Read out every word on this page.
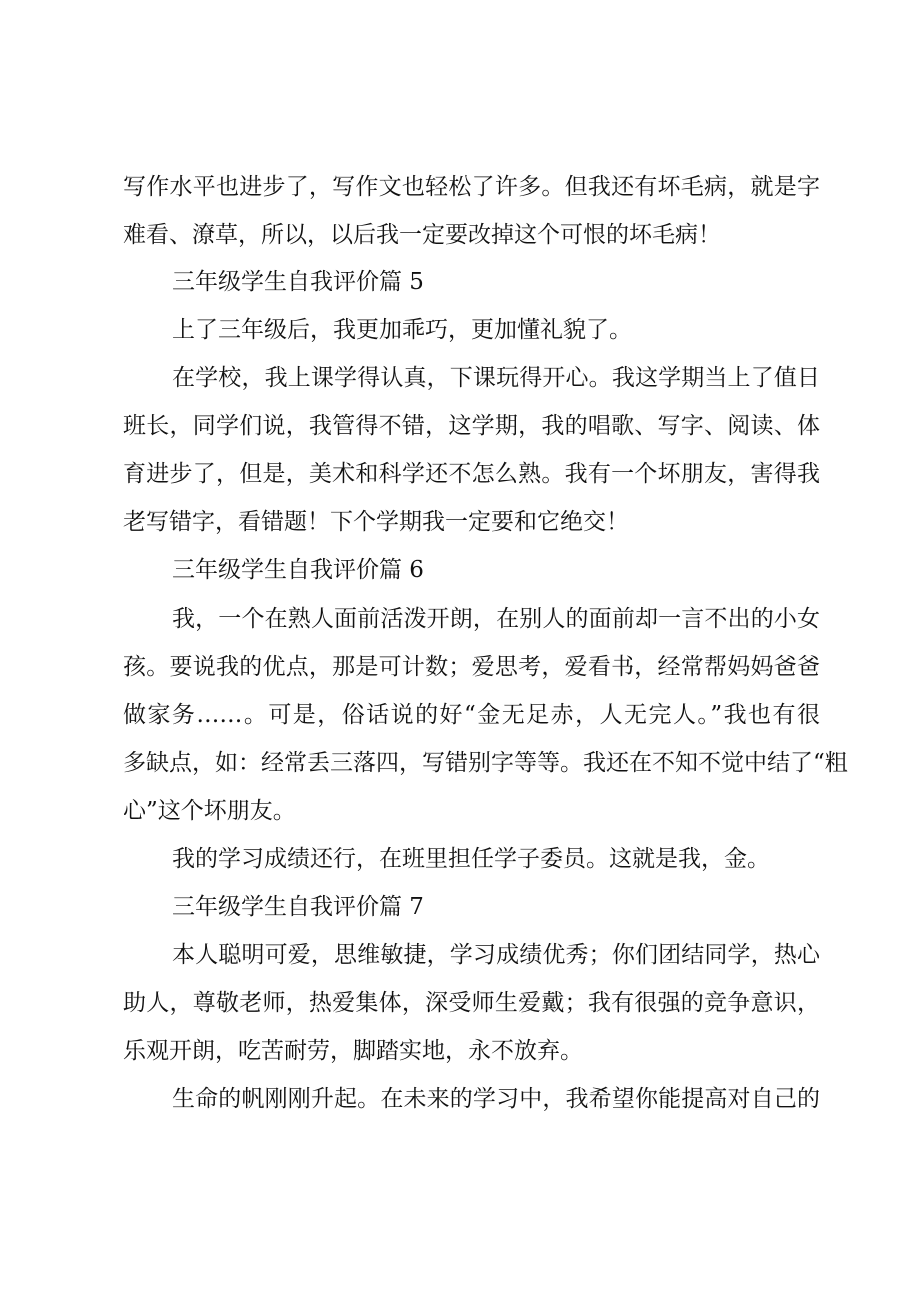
写作水平也进步了，写作文也轻松了许多。但我还有坏毛病，就是字
难看、潦草，所以，以后我一定要改掉这个可恨的坏毛病！
三年级学生自我评价篇 5
上了三年级后，我更加乖巧，更加懂礼貌了。
在学校，我上课学得认真，下课玩得开心。我这学期当上了值日
班长，同学们说，我管得不错，这学期，我的唱歌、写字、阅读、体
育进步了，但是，美术和科学还不怎么熟。我有一个坏朋友，害得我
老写错字，看错题！下个学期我一定要和它绝交！
三年级学生自我评价篇 6
我，一个在熟人面前活泼开朗，在别人的面前却一言不出的小女
孩。要说我的优点，那是可计数；爱思考，爱看书，经常帮妈妈爸爸
做家务……。可是，俗话说的好“金无足赤，人无完人。”我也有很
多缺点，如：经常丢三落四，写错别字等等。我还在不知不觉中结了“粗
心”这个坏朋友。
我的学习成绩还行，在班里担任学子委员。这就是我，金。
三年级学生自我评价篇 7
本人聪明可爱，思维敏捷，学习成绩优秀；你们团结同学，热心
助人，尊敬老师，热爱集体，深受师生爱戴；我有很强的竞争意识，
乐观开朗，吃苦耐劳，脚踏实地，永不放弃。
生命的帆刚刚升起。在未来的学习中，我希望你能提高对自己的
